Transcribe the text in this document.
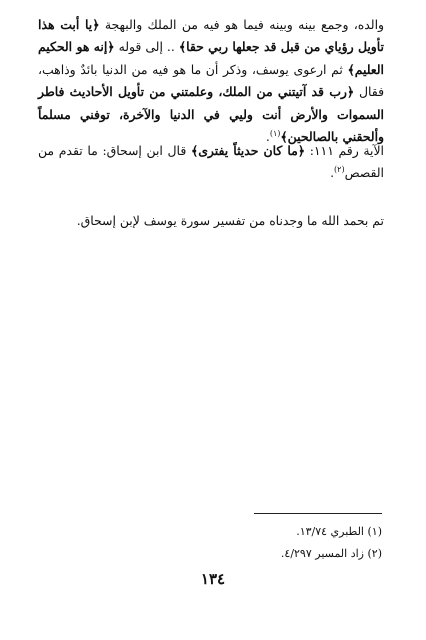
والده، وجمع بينه وبينه فيما هو فيه من الملك والبهجة ﴿يا أبت هذا تأويل رؤياي من قبل قد جعلها ربي حقا﴾ .. إلى قوله ﴿إنه هو الحكيم العليم﴾ ثم ارعوى يوسف، وذكر أن ما هو فيه من الدنيا بائدٌ وذاهب، فقال ﴿رب قد آتيتني من الملك، وعلمتني من تأويل الأحاديث فاطر السموات والأرض أنت وليي في الدنيا والآخرة، توفني مسلماً وألحقني بالصالحين﴾$^{(١)}$.

الآية رقم ١١١: ﴿ما كان حديثاً يفترى﴾ قال ابن إسحاق: ما تقدم من القصص$^{(٢)}$.

تم بحمد الله ما وجدناه من تفسير سورة يوسف لإبن إسحاق.

(١) الطبري ١٣/٧٤.

(٢) زاد المسير ٤/٢٩٧.

١٣٤
